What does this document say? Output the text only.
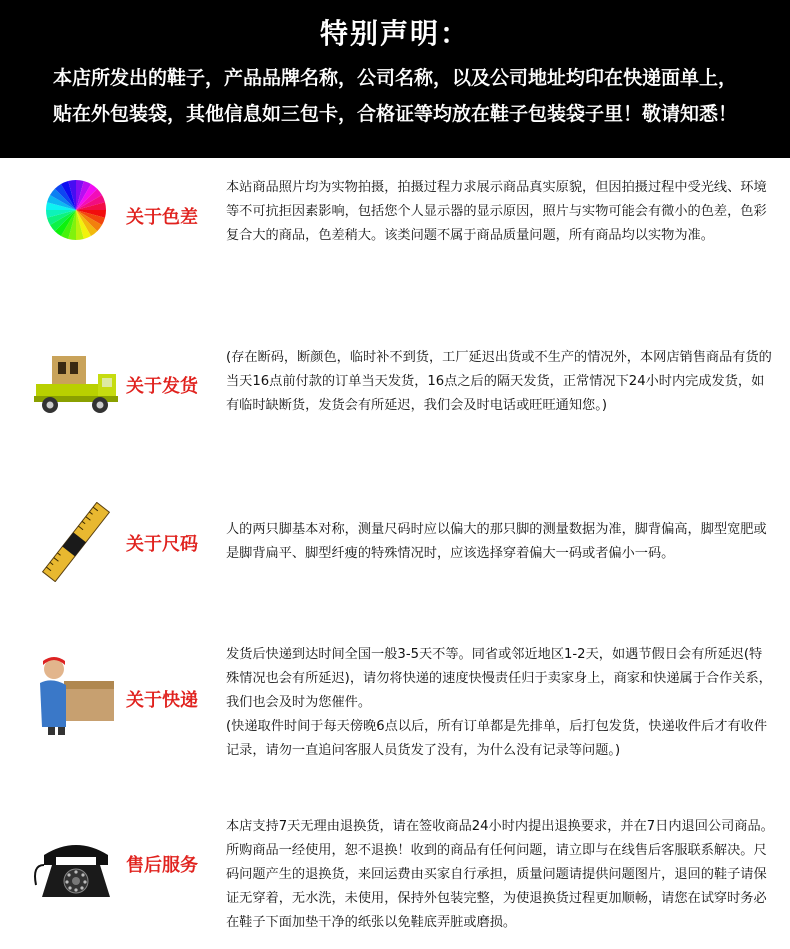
特别声明：
本店所发出的鞋子，产品品牌名称，公司名称，以及公司地址均印在快递面单上，
贴在外包装袋，其他信息如三包卡，合格证等均放在鞋子包装袋子里！敬请知悉！
关于色差

本站商品照片均为实物拍摄，拍摄过程力求展示商品真实原貌，但因拍摄过程中受光线、环境等不可抗拒因素影响，包括您个人显示器的显示原因，照片与实物可能会有微小的色差，色彩复合大的商品，色差稍大。该类问题不属于商品质量问题，所有商品均以实物为准。

关于发货

(存在断码，断颜色，临时补不到货，工厂延迟出货或不生产的情况外，本网店销售商品有货的当天16点前付款的订单当天发货，16点之后的隔天发货，正常情况下24小时内完成发货，如有临时缺断货，发货会有所延迟，我们会及时电话或旺旺通知您。)

关于尺码

人的两只脚基本对称，测量尺码时应以偏大的那只脚的测量数据为准，脚背偏高，脚型宽肥或是脚背扁平、脚型纤瘦的特殊情况时，应该选择穿着偏大一码或者偏小一码。

关于快递

发货后快递到达时间全国一般3-5天不等。同省或邻近地区1-2天，如遇节假日会有所延迟(特殊情况也会有所延迟)，请勿将快递的速度快慢责任归于卖家身上，商家和快递属于合作关系，我们也会及时为您催件。

(快递取件时间于每天傍晚6点以后，所有订单都是先排单，后打包发货，快递收件后才有收件记录，请勿一直追问客服人员货发了没有，为什么没有记录等问题。)

售后服务

本店支持7天无理由退换货，请在签收商品24小时内提出退换要求，并在7日内退回公司商品。所购商品一经使用，恕不退换！收到的商品有任何问题，请立即与在线售后客服联系解决。尺码问题产生的退换货，来回运费由买家自行承担，质量问题请提供问题图片，退回的鞋子请保证无穿着，无水洗，未使用，保持外包装完整，为使退换货过程更加顺畅，请您在试穿时务必在鞋子下面加垫干净的纸张以免鞋底弄脏或磨损。
